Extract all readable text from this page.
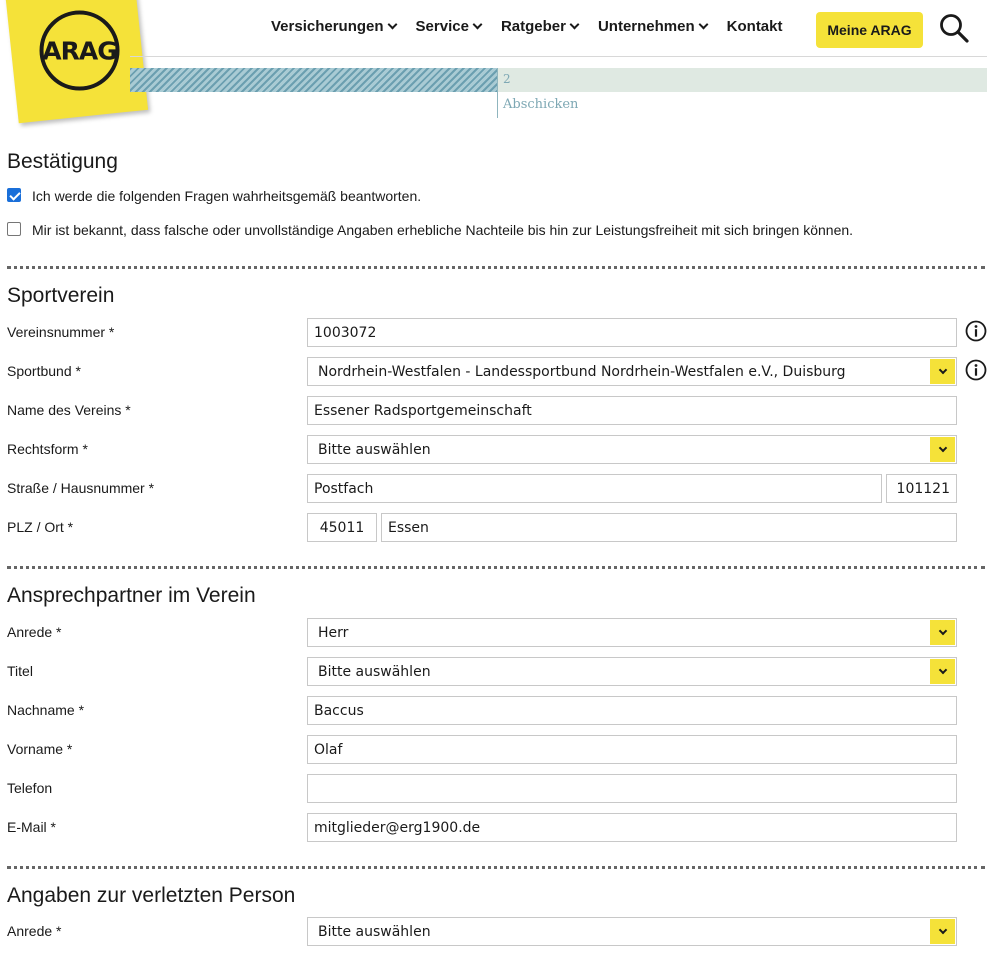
ARAG
Versicherungen Service Ratgeber Unternehmen Kontakt	Meine ARAG
2
Abschicken
Bestätigung
Ich werde die folgenden Fragen wahrheitsgemäß beantworten.
Mir ist bekannt, dass falsche oder unvollständige Angaben erhebliche Nachteile bis hin zur Leistungsfreiheit mit sich bringen können.
Sportverein
Vereinsnummer *	1003072
Sportbund *	Nordrhein-Westfalen - Landessportbund Nordrhein-Westfalen e.V., Duisburg
Name des Vereins *	Essener Radsportgemeinschaft
Rechtsform *	Bitte auswählen
Straße / Hausnummer *	Postfach	101121
PLZ / Ort *	45011	Essen
Ansprechpartner im Verein
Anrede *	Herr
Titel	Bitte auswählen
Nachname *	Baccus
Vorname *	Olaf
Telefon
E-Mail *	mitglieder@erg1900.de
Angaben zur verletzten Person
Anrede *	Bitte auswählen
